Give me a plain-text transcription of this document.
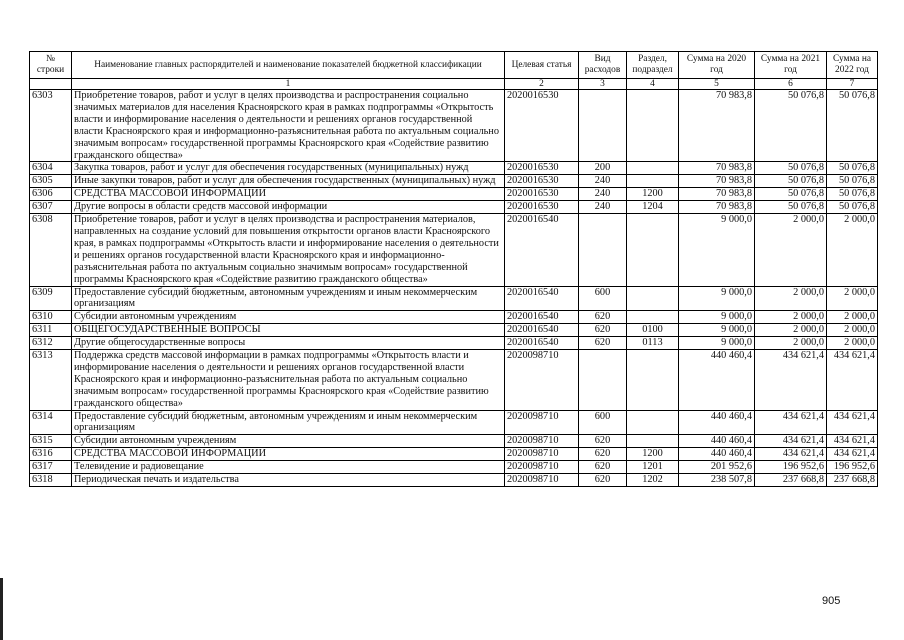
№ строки	Наименование главных распорядителей и наименование показателей бюджетной классификации	Целевая статья	Вид расходов	Раздел, подраздел	Сумма на 2020 год	Сумма на 2021 год	Сумма на 2022 год
	1	2	3	4	5	6	7
6303	Приобретение товаров, работ и услуг в целях производства и распространения социально значимых материалов для населения Красноярского края в рамках подпрограммы «Открытость власти и информирование населения о деятельности и решениях органов государственной власти Красноярского края и информационно-разъяснительная работа по актуальным социально значимым вопросам» государственной программы Красноярского края «Содействие развитию гражданского общества»	2020016530			70 983,8	50 076,8	50 076,8
6304	Закупка товаров, работ и услуг для обеспечения государственных (муниципальных) нужд	2020016530	200		70 983,8	50 076,8	50 076,8
6305	Иные закупки товаров, работ и услуг для обеспечения государственных (муниципальных) нужд	2020016530	240		70 983,8	50 076,8	50 076,8
6306	СРЕДСТВА МАССОВОЙ ИНФОРМАЦИИ	2020016530	240	1200	70 983,8	50 076,8	50 076,8
6307	Другие вопросы в области средств массовой информации	2020016530	240	1204	70 983,8	50 076,8	50 076,8
6308	Приобретение товаров, работ и услуг в целях производства и распространения материалов, направленных на создание условий для повышения открытости органов власти Красноярского края, в рамках подпрограммы «Открытость власти и информирование населения о деятельности и решениях органов государственной власти Красноярского края и информационно-разъяснительная работа по актуальным социально значимым вопросам» государственной программы Красноярского края «Содействие развитию гражданского общества»	2020016540			9 000,0	2 000,0	2 000,0
6309	Предоставление субсидий бюджетным, автономным учреждениям и иным некоммерческим организациям	2020016540	600		9 000,0	2 000,0	2 000,0
6310	Субсидии автономным учреждениям	2020016540	620		9 000,0	2 000,0	2 000,0
6311	ОБЩЕГОСУДАРСТВЕННЫЕ ВОПРОСЫ	2020016540	620	0100	9 000,0	2 000,0	2 000,0
6312	Другие общегосударственные вопросы	2020016540	620	0113	9 000,0	2 000,0	2 000,0
6313	Поддержка средств массовой информации в рамках подпрограммы «Открытость власти и информирование населения о деятельности и решениях органов государственной власти Красноярского края и информационно-разъяснительная работа по актуальным социально значимым вопросам» государственной программы Красноярского края «Содействие развитию гражданского общества»	2020098710			440 460,4	434 621,4	434 621,4
6314	Предоставление субсидий бюджетным, автономным учреждениям и иным некоммерческим организациям	2020098710	600		440 460,4	434 621,4	434 621,4
6315	Субсидии автономным учреждениям	2020098710	620		440 460,4	434 621,4	434 621,4
6316	СРЕДСТВА МАССОВОЙ ИНФОРМАЦИИ	2020098710	620	1200	440 460,4	434 621,4	434 621,4
6317	Телевидение и радиовещание	2020098710	620	1201	201 952,6	196 952,6	196 952,6
6318	Периодическая печать и издательства	2020098710	620	1202	238 507,8	237 668,8	237 668,8
905
